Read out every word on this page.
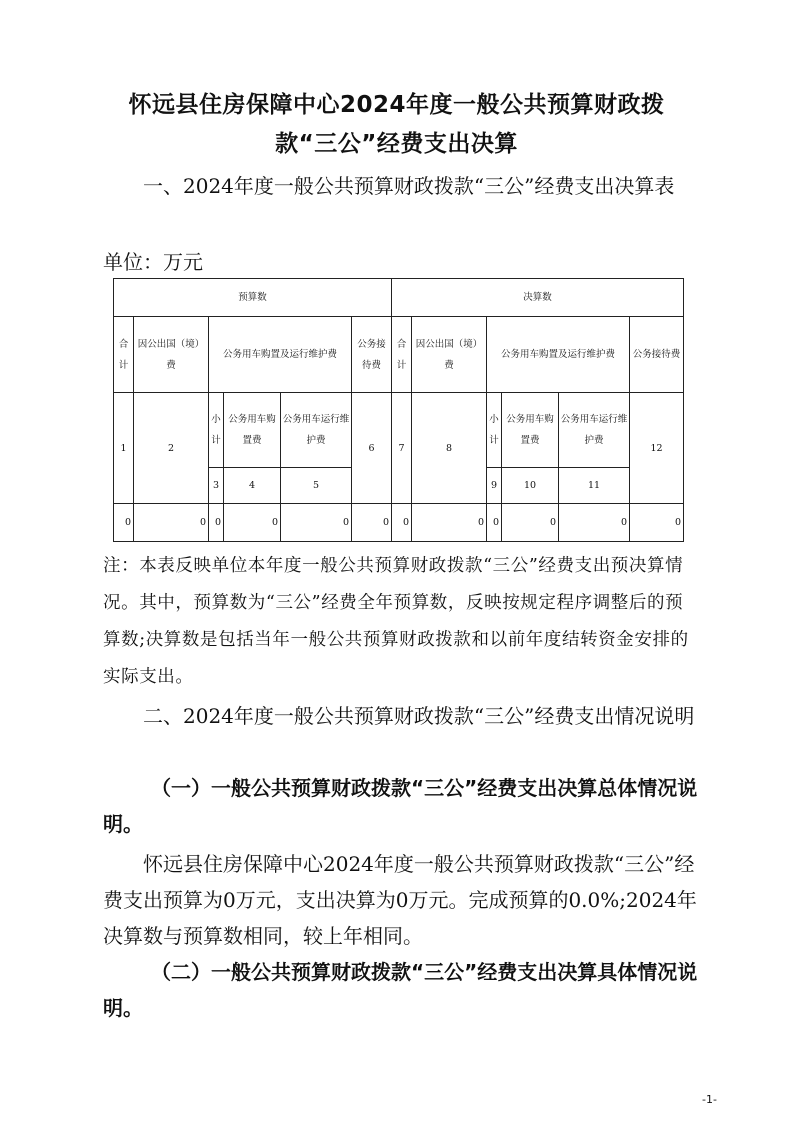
怀远县住房保障中心2024年度一般公共预算财政拨
款“三公”经费支出决算

一、2024年度一般公共预算财政拨款“三公”经费支出决算表

单位：万元
预算数						决算数					
合计	因公出国（境）费	公务用车购置及运行维护费			公务接待费	合计	因公出国（境）费	公务用车购置及运行维护费			公务接待费
1	2	小计	公务用车购置费	公务用车运行维护费	6	7	8	小计	公务用车购置费	公务用车运行维护费	12
		3	4	5				9	10	11	
0	0	0	0	0	0	0	0	0	0	0	0

注：本表反映单位本年度一般公共预算财政拨款“三公”经费支出预决算情况。其中，预算数为“三公”经费全年预算数，反映按规定程序调整后的预算数;决算数是包括当年一般公共预算财政拨款和以前年度结转资金安排的实际支出。

二、2024年度一般公共预算财政拨款“三公”经费支出情况说明

（一）一般公共预算财政拨款“三公”经费支出决算总体情况说明。

怀远县住房保障中心2024年度一般公共预算财政拨款“三公”经费支出预算为0万元，支出决算为0万元。完成预算的0.0%;2024年决算数与预算数相同，较上年相同。

（二）一般公共预算财政拨款“三公”经费支出决算具体情况说明。

-1-
